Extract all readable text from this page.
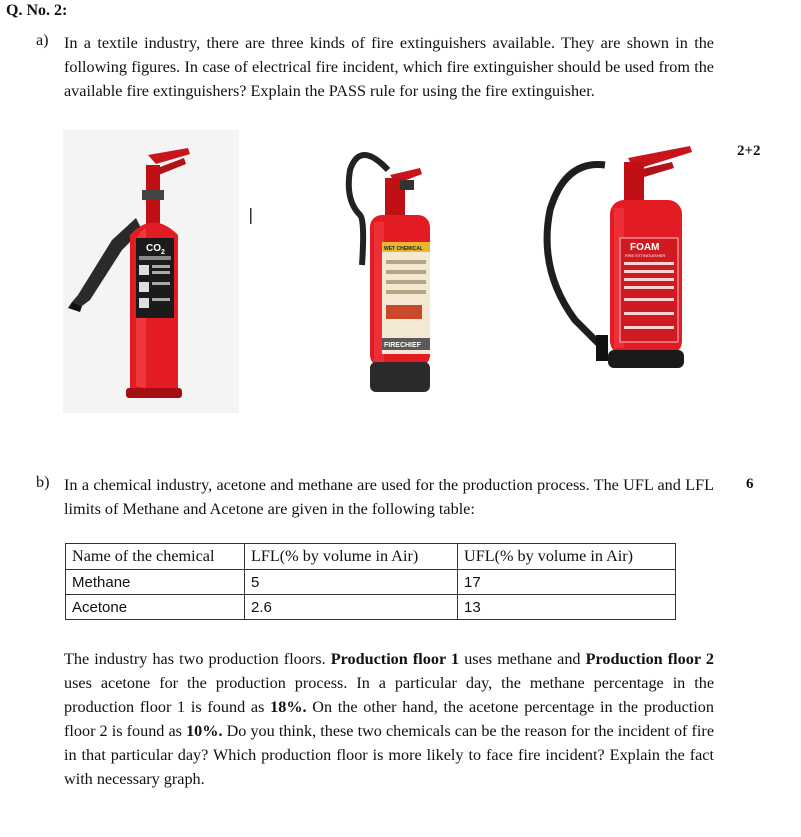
Q. No. 2:
a) In a textile industry, there are three kinds of fire extinguishers available. They are shown in the following figures. In case of electrical fire incident, which fire extinguisher should be used from the available fire extinguishers? Explain the PASS rule for using the fire extinguisher.
2+2
$CO_2$	WET CHEMICAL
FIRECHIEF
FOAM
FIRE EXTINGUISHER
b) In a chemical industry, acetone and methane are used for the production process. The UFL and LFL limits of Methane and Acetone are given in the following table:
6
Name of the chemical	LFL(% by volume in Air)	UFL(% by volume in Air)
Methane	5	17
Acetone	2.6	13
The industry has two production floors. Production floor 1 uses methane and Production floor 2 uses acetone for the production process. In a particular day, the methane percentage in the production floor 1 is found as 18%. On the other hand, the acetone percentage in the production floor 2 is found as 10%. Do you think, these two chemicals can be the reason for the incident of fire in that particular day? Which production floor is more likely to face fire incident? Explain the fact with necessary graph.
